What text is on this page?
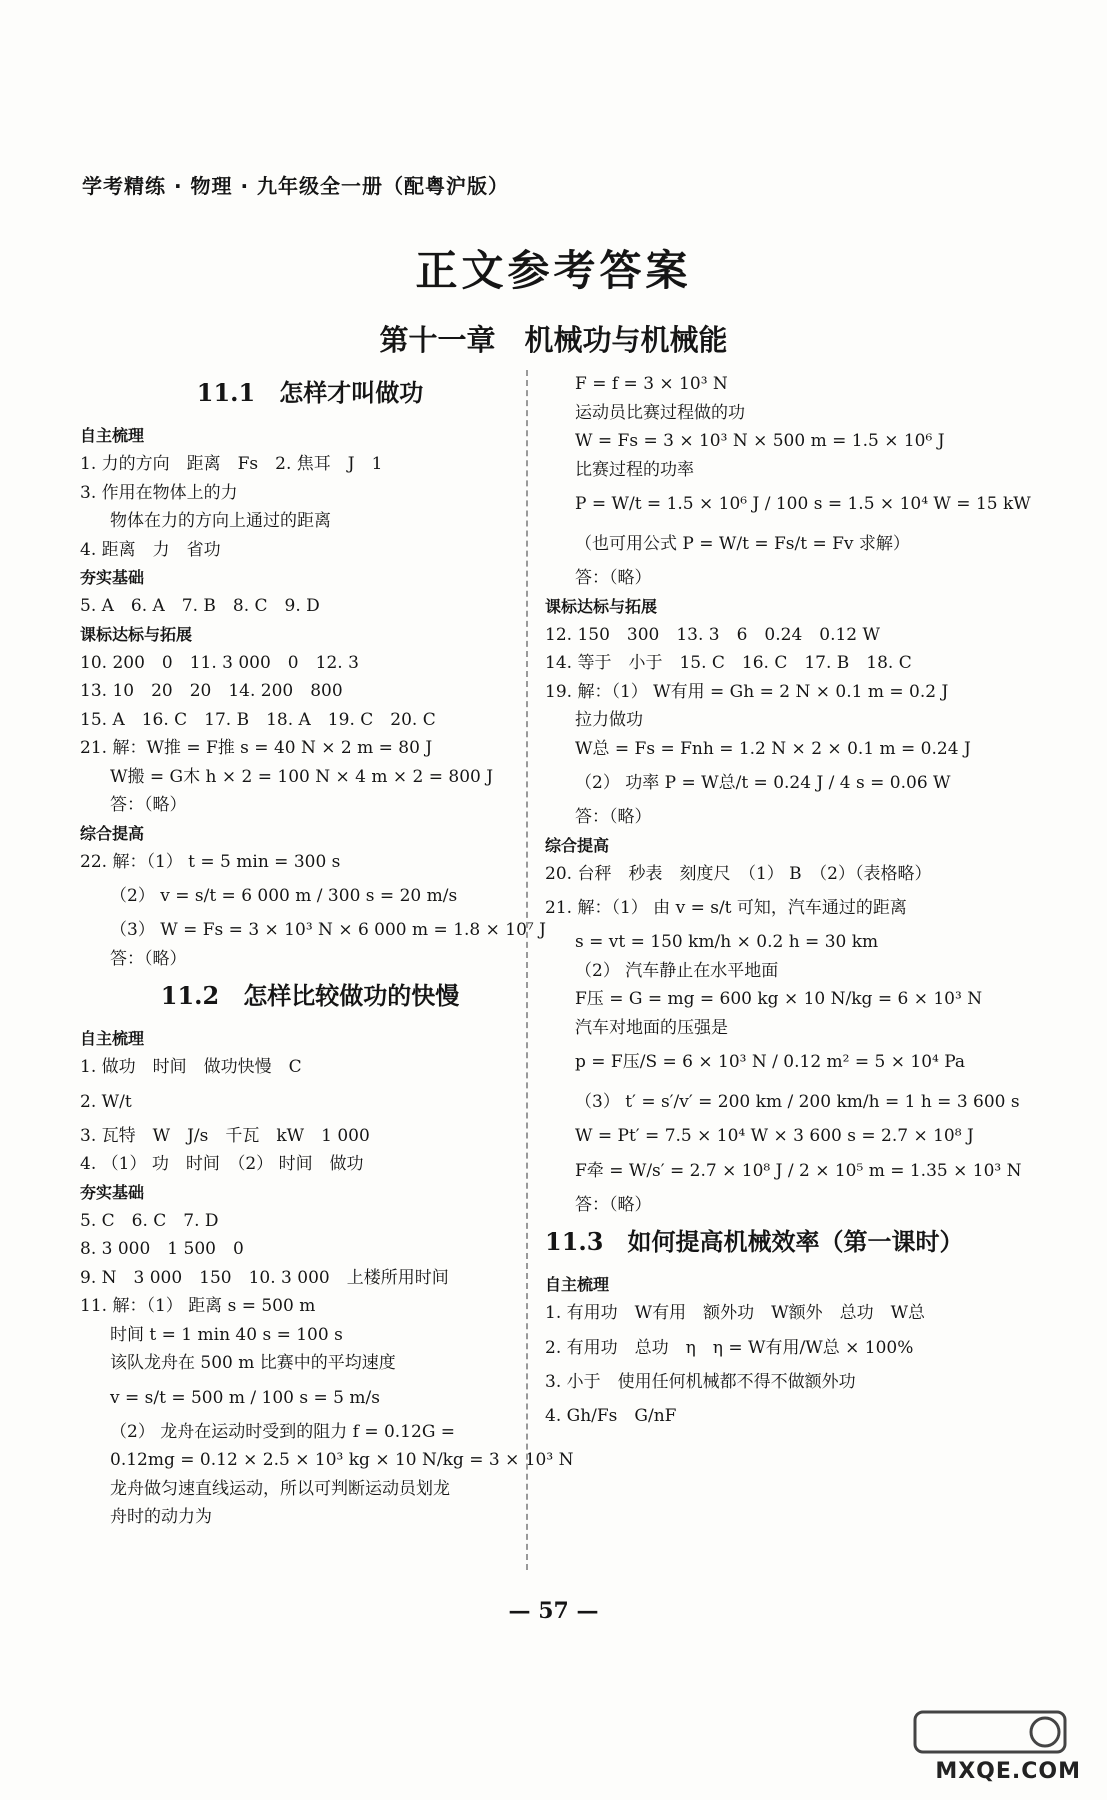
学考精练 · 物理 · 九年级全一册（配粤沪版）
正文参考答案
第十一章　机械功与机械能
11.1　怎样才叫做功
自主梳理
1. 力的方向　距离　Fs　2. 焦耳　J　1
3. 作用在物体上的力
物体在力的方向上通过的距离
4. 距离　力　省功
夯实基础
5. A　6. A　7. B　8. C　9. D
课标达标与拓展
10. 200　0　11. 3 000　0　12. 3
13. 10　20　20　14. 200　800
15. A　16. C　17. B　18. A　19. C　20. C
21. 解：W推 = F推 s = 40 N × 2 m = 80 J
W搬 = G木 h × 2 = 100 N × 4 m × 2 = 800 J
答：（略）
综合提高
22. 解：（1） t = 5 min = 300 s
（2） v = s/t = 6 000 m / 300 s = 20 m/s
（3） W = Fs = 3 × 10³ N × 6 000 m = 1.8 × 10⁷ J
答：（略）
11.2　怎样比较做功的快慢
自主梳理
1. 做功　时间　做功快慢　C
2. W/t
3. 瓦特　W　J/s　千瓦　kW　1 000
4. （1） 功　时间　（2） 时间　做功
夯实基础
5. C　6. C　7. D
8. 3 000　1 500　0
9. N　3 000　150　10. 3 000　上楼所用时间
11. 解：（1） 距离 s = 500 m
时间 t = 1 min 40 s = 100 s
该队龙舟在 500 m 比赛中的平均速度
v = s/t = 500 m / 100 s = 5 m/s
（2） 龙舟在运动时受到的阻力 f = 0.12G =
0.12mg = 0.12 × 2.5 × 10³ kg × 10 N/kg = 3 × 10³ N
龙舟做匀速直线运动，所以可判断运动员划龙
舟时的动力为
F = f = 3 × 10³ N
运动员比赛过程做的功
W = Fs = 3 × 10³ N × 500 m = 1.5 × 10⁶ J
比赛过程的功率
P = W/t = 1.5 × 10⁶ J / 100 s = 1.5 × 10⁴ W = 15 kW
（也可用公式 P = W/t = Fs/t = Fv 求解）
答：（略）
课标达标与拓展
12. 150　300　13. 3　6　0.24　0.12 W
14. 等于　小于　15. C　16. C　17. B　18. C
19. 解：（1） W有用 = Gh = 2 N × 0.1 m = 0.2 J
拉力做功
W总 = Fs = Fnh = 1.2 N × 2 × 0.1 m = 0.24 J
（2） 功率 P = W总/t = 0.24 J / 4 s = 0.06 W
答：（略）
综合提高
20. 台秤　秒表　刻度尺　（1） B　（2）（表格略）
21. 解：（1） 由 v = s/t 可知，汽车通过的距离
s = vt = 150 km/h × 0.2 h = 30 km
（2） 汽车静止在水平地面
F压 = G = mg = 600 kg × 10 N/kg = 6 × 10³ N
汽车对地面的压强是
p = F压/S = 6 × 10³ N / 0.12 m² = 5 × 10⁴ Pa
（3） t′ = s′/v′ = 200 km / 200 km/h = 1 h = 3 600 s
W = Pt′ = 7.5 × 10⁴ W × 3 600 s = 2.7 × 10⁸ J
F牵 = W/s′ = 2.7 × 10⁸ J / 2 × 10⁵ m = 1.35 × 10³ N
答：（略）
11.3　如何提高机械效率（第一课时）
自主梳理
1. 有用功　W有用　额外功　W额外　总功　W总
2. 有用功　总功　η　η = W有用/W总 × 100%
3. 小于　使用任何机械都不得不做额外功
4. Gh/Fs　G/nF
— 57 —
MXQE.COM
